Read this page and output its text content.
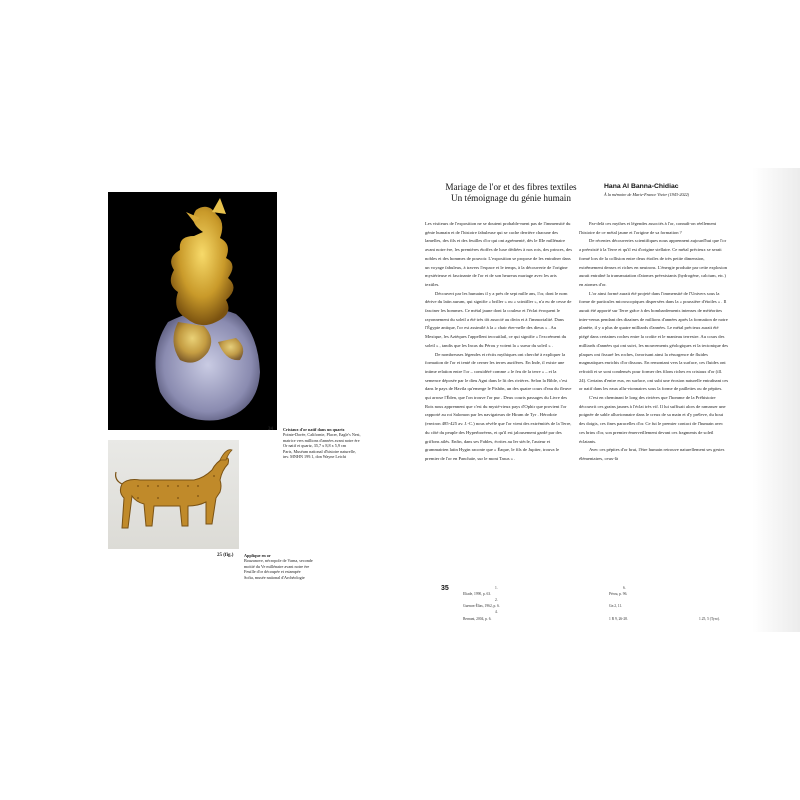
24 Cristaux d'or natif dans un quartz

Pointe-Dorée, Californie, Placer, Eagle's Nest,

matrice vers millions d'années avant notre ère

Or natif et quartz, 35,7 x 8,8 x 5,9 cm

Paris, Muséum national d'histoire naturelle,

inv. MNHN 199.1, don Wayne Leicht

25 (fig.)	Applique en or

Bouzanove, nécropole de Varna, seconde

moitié du Ve millénaire avant notre ère

Feuille d'or découpée et estampée

Sofia, musée national d'Archéologie

Mariage de l'or et des fibres textiles
Un témoignage du génie humain
Hana Al Banna-Chidiac
À la mémoire de Marie-France Vivier (1943-2022)

Les visiteurs de l'exposition ne se doutent probable-ment pas de l'immensité du génie humain et de l'histoire fabuleuse qui se cache derrière chacune des lamelles, des fils et des feuilles d'or qui ont agrémenté, dès le IIIe millénaire avant notre ère, les premières étoffes de luxe dédiées à nos rois, des princes, des nobles et des hommes de pouvoir. L'exposition se propose de les entraîner dans un voyage fabuleux, à travers l'espace et le temps, à la découverte de l'origine mystérieuse et fascinante de l'or et de son heureux mariage avec les arts textiles.

Découvert par les humains il y a près de sept mille ans, l'or, dont le nom dérive du latin aurum, qui signifie « briller » ou « scintiller », n'a eu de cesse de fasciner les hommes. Ce métal jaune dont la couleur et l'éclat évoquent le rayonnement du soleil a été très tôt associé au divin et à l'immortalité. Dans l'Égypte antique, l'or est assimilé à la « chair éter-nelle des dieux » . Au Mexique, les Aztèques l'appellent teocuitlatl, ce qui signifie « l'excrément du soleil » , tandis que les Incas du Pérou y voient la « sueur du soleil » .

De nombreuses légendes et récits mythiques ont cherché à expliquer la formation de l'or et tenté de cerner les terres aurifères. En Inde, il existe une intime relation entre l'or – considéré comme « le feu de la terre » – et la semence déposée par le dieu Agni dans le lit des rivières. Selon la Bible, c'est dans le pays de Havila qu'emerge le Pishôn, un des quatre cours d'eau du fleuve qui arrose l'Éden, que l'on trouve l'or pur . Deux courts passages du Livre des Rois nous apprennent que c'est du mysté-rieux pays d'Ophir que provient l'or rapporté au roi Salomon par les navigateurs de Hiram de Tyr . Hérodote (environ 485-425 av. J.-C.) nous révèle que l'or vient des extrémités de la Terre, du côté du peuple des Hyperboréens, et qu'il est jalousement gardé par des griffons ailés. Enfin, dans ses Fables, écrites au Ier siècle, l'auteur et grammairien latin Hygin raconte que « Éaque, le fils de Jupiter, trouva le premier de l'or en Panchaïe, sur le mont Tasus » .

Par-delà ces mythes et légendes associés à l'or, connaît-on réellement l'histoire de ce métal jaune et l'origine de sa formation ?

De récentes découvertes scientifiques nous apprennent aujourd'hui que l'or a préexisté à la Terre et qu'il est d'origine stellaire. Ce métal précieux se serait formé lors de la collision entre deux étoiles de très petite dimension, extrêmement denses et riches en neutrons. L'énergie produite par cette explosion aurait entraîné la transmutation d'atomes préexistants (hydrogène, calcium, etc.) en atomes d'or.

L'or ainsi formé aurait été projeté dans l'immensité de l'Univers sous la forme de particules microscopiques dispersées dans la « poussière d'étoiles » . Il aurait été apporté sur Terre grâce à des bombardements intenses de météorites inter-venus pendant des dizaines de millions d'années après la formation de notre planète, il y a plus de quatre milliards d'années. Le métal précieux aurait été piégé dans certaines roches entre la croûte et le manteau terrestre. Au cours des milliards d'années qui ont suivi, les mouvements géologiques et la tectonique des plaques ont fissuré les roches, favorisant ainsi la résurgence de fluides magmatiques enrichis d'or dissous. En remontant vers la surface, ces fluides ont refroidi et se sont condensés pour former des filons riches en cristaux d'or (ill. 24). Certains d'entre eux, en surface, ont subi une érosion naturelle entraînant ces or natif dans les eaux allu-vionnaires sous la forme de paillettes ou de pépites.

C'est en cheminant le long des rivières que l'homme de la Préhistoire découvrit ces grains jaunes à l'éclat très vif. Il lui suffisait alors de ramasser une poignée de sable alluvionnaire dans le creux de sa main et d'y préleve, du bout des doigts, ces fines paracelles d'or. Ce fut le premier contact de l'humain avec ces brins d'or, son premier émerveillement devant ces fragments de soleil éclatants.

Avec ces pépites d'or brut, l'être humain retrouve naturellement ses gestes élémentaires, ceux-là

35	1.
Eliade, 1990, p. 63.
2.
Guenon-Élias, 1962, p. 6.
4.
Bernant, 2004, p. 6.
6.
Pérou, p. 96.
Gn 2, 11.
1 R 9, 26-28.	1.25, 5 (Tyro).
